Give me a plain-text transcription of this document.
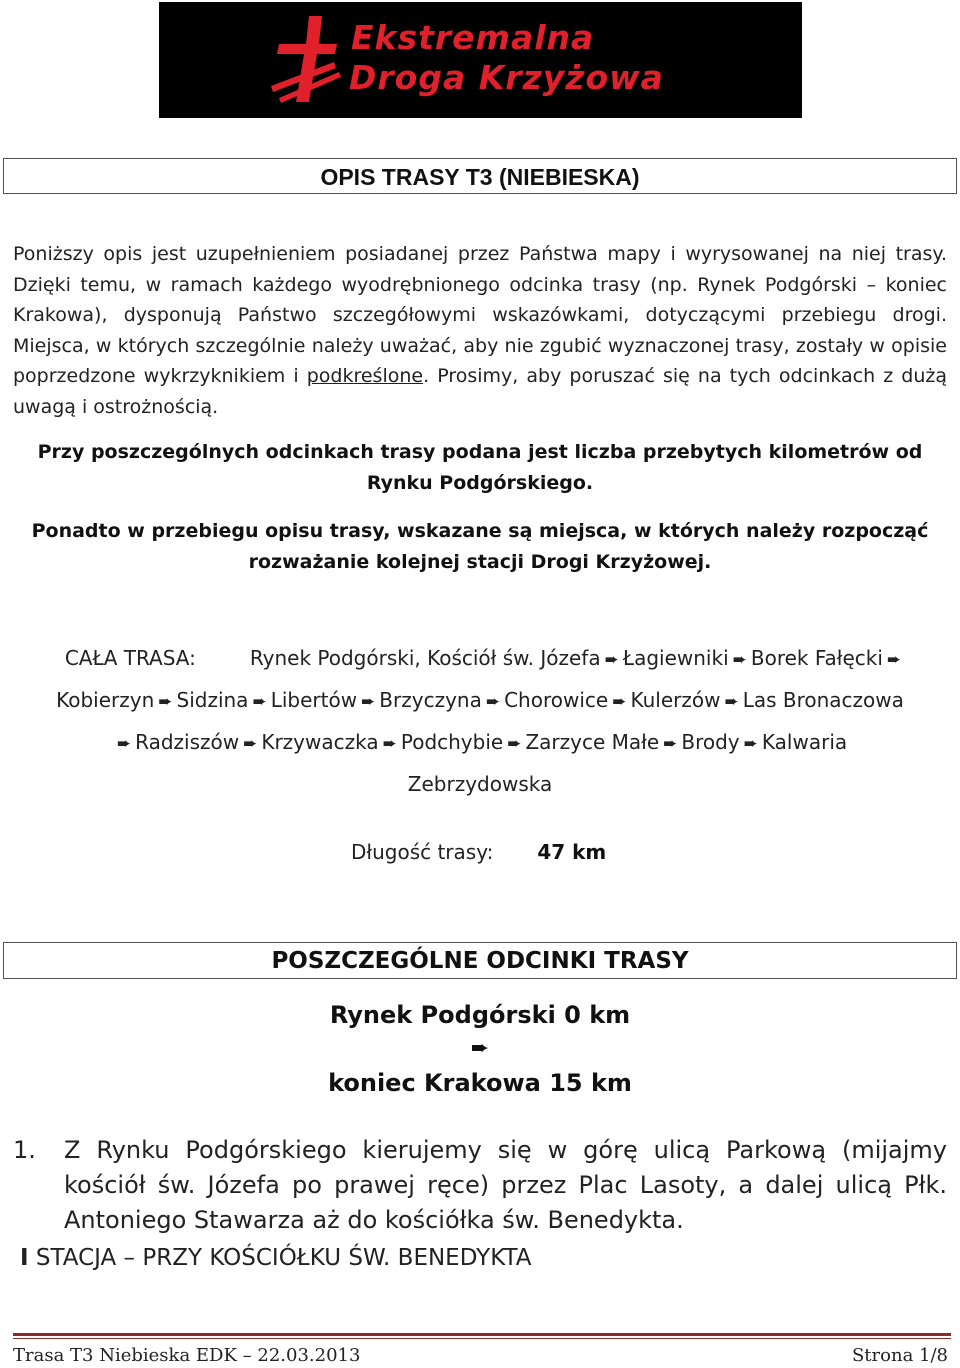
Ekstremalna
Droga Krzyżowa
OPIS TRASY T3 (NIEBIESKA)
Poniższy opis jest uzupełnieniem posiadanej przez Państwa mapy i wyrysowanej na niej trasy. Dzięki temu, w ramach każdego wyodrębnionego odcinka trasy (np. Rynek Podgórski – koniec Krakowa), dysponują Państwo szczegółowymi wskazówkami, dotyczącymi przebiegu drogi. Miejsca, w których szczególnie należy uważać, aby nie zgubić wyznaczonej trasy, zostały w opisie poprzedzone wykrzyknikiem i podkreślone. Prosimy, aby poruszać się na tych odcinkach z dużą uwagą i ostrożnością.
Przy poszczególnych odcinkach trasy podana jest liczba przebytych kilometrów od Rynku Podgórskiego.
Ponadto w przebiegu opisu trasy, wskazane są miejsca, w których należy rozpocząć rozważanie kolejnej stacji Drogi Krzyżowej.
CAŁA TRASA:	Rynek Podgórski, Kościół św. Józefa ➨ Łagiewniki ➨ Borek Fałęcki ➨
Kobierzyn ➨ Sidzina ➨ Libertów ➨ Brzyczyna ➨ Chorowice ➨ Kulerzów ➨ Las Bronaczowa
➨ Radziszów ➨ Krzywaczka ➨ Podchybie ➨ Zarzyce Małe ➨ Brody ➨ Kalwaria
Zebrzydowska
Długość trasy: 47 km
POSZCZEGÓLNE ODCINKI TRASY
Rynek Podgórski 0 km
➨
koniec Krakowa 15 km
1. Z Rynku Podgórskiego kierujemy się w górę ulicą Parkową (mijajmy kościół św. Józefa po prawej ręce) przez Plac Lasoty, a dalej ulicą Płk. Antoniego Stawarza aż do kościółka św. Benedykta.
I STACJA – PRZY KOŚCIÓŁKU ŚW. BENEDYKTA
Trasa T3 Niebieska EDK – 22.03.2013	Strona 1/8
